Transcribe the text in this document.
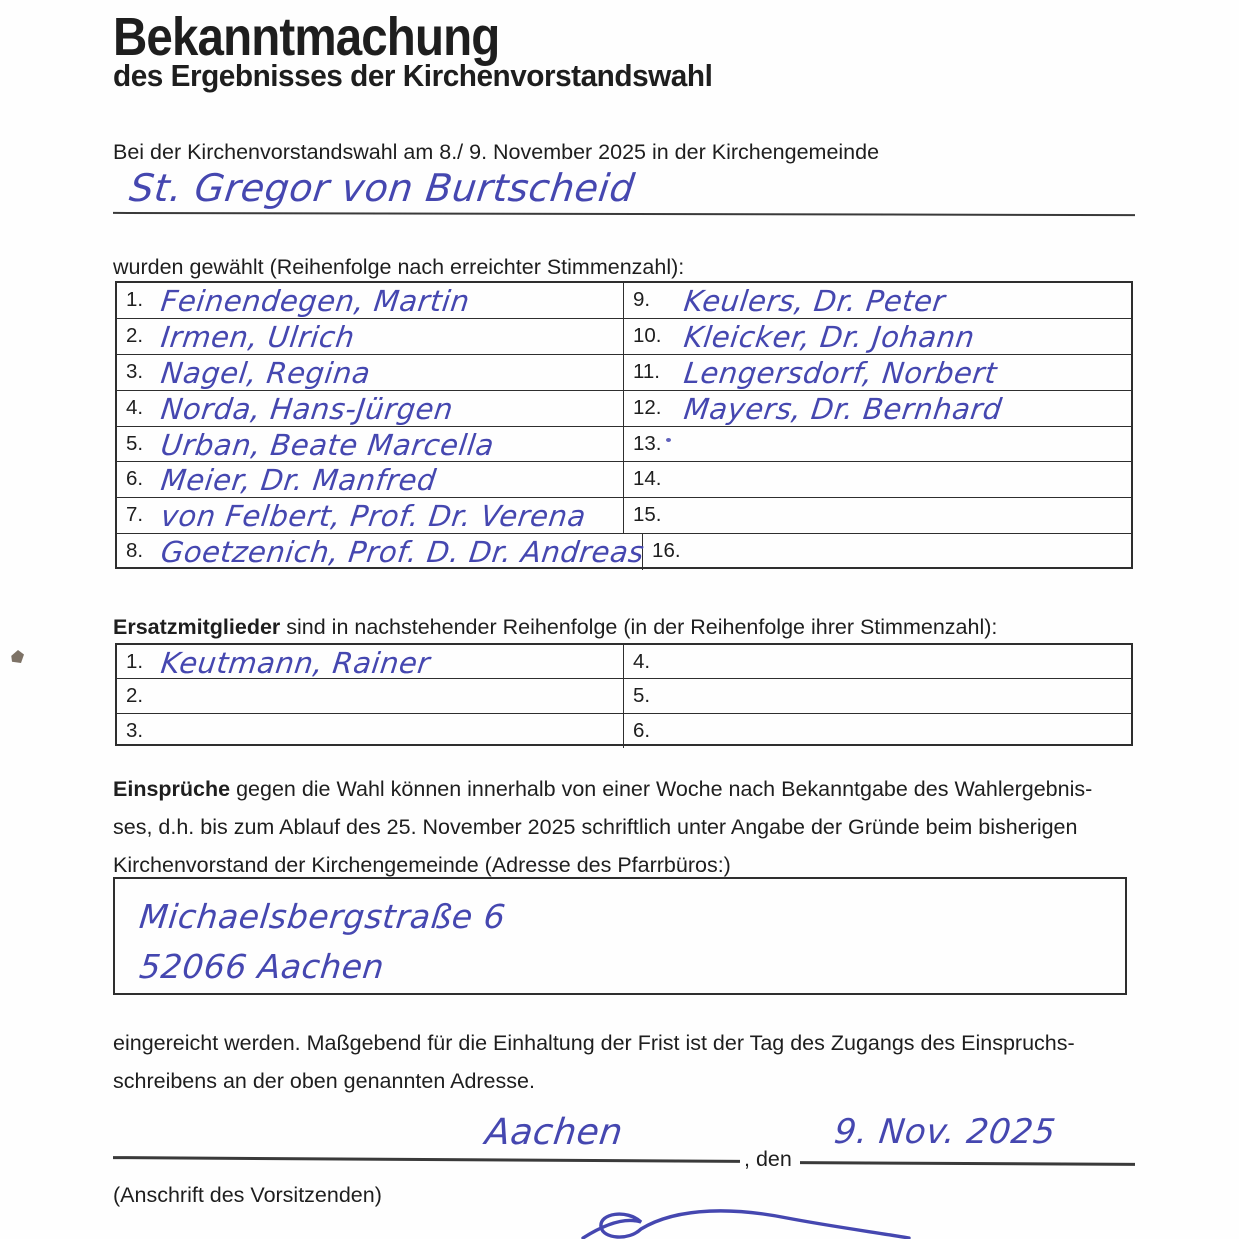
Bekanntmachung
des Ergebnisses der Kirchenvorstandswahl
Bei der Kirchenvorstandswahl am 8./ 9. November 2025 in der Kirchengemeinde
St. Gregor von Burtscheid
wurden gewählt (Reihenfolge nach erreichter Stimmenzahl):
1. Feinendegen, Martin	9.	Keulers, Dr. Peter
2. Irmen, Ulrich	10. Kleicker, Dr. Johann
3. Nagel, Regina	11. Lengersdorf, Norbert
4. Norda, Hans-Jürgen	12. Mayers, Dr. Bernhard
5. Urban, Beate Marcella	13.
6. Meier, Dr. Manfred	14.
7. von Felbert, Prof. Dr. Verena	15.
8. Goetzenich, Prof. D. Dr. Andreas 16.
Ersatzmitglieder sind in nachstehender Reihenfolge (in der Reihenfolge ihrer Stimmenzahl):
1. Keutmann, Rainer	4.
2.	5.
3.	6.
Einsprüche gegen die Wahl können innerhalb von einer Woche nach Bekanntgabe des Wahlergebnis-
ses, d.h. bis zum Ablauf des 25. November 2025 schriftlich unter Angabe der Gründe beim bisherigen
Kirchenvorstand der Kirchengemeinde (Adresse des Pfarrbüros:)
Michaelsbergstraße 6
52066 Aachen
eingereicht werden. Maßgebend für die Einhaltung der Frist ist der Tag des Zugangs des Einspruchs-
schreibens an der oben genannten Adresse.
Aachen
, den
9. Nov. 2025
(Anschrift des Vorsitzenden)
